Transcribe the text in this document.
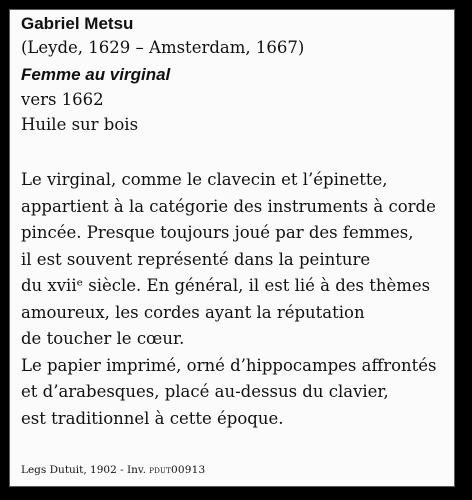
Gabriel Metsu
(Leyde, 1629 – Amsterdam, 1667)
Femme au virginal
vers 1662
Huile sur bois
Le virginal, comme le clavecin et l’épinette,
appartient à la catégorie des instruments à corde
pincée. Presque toujours joué par des femmes,
il est souvent représenté dans la peinture
du xviiᵉ siècle. En général, il est lié à des thèmes
amoureux, les cordes ayant la réputation
de toucher le cœur.
Le papier imprimé, orné d’hippocampes affrontés
et d’arabesques, placé au-dessus du clavier,
est traditionnel à cette époque.
Legs Dutuit, 1902 - Inv. pdut00913
